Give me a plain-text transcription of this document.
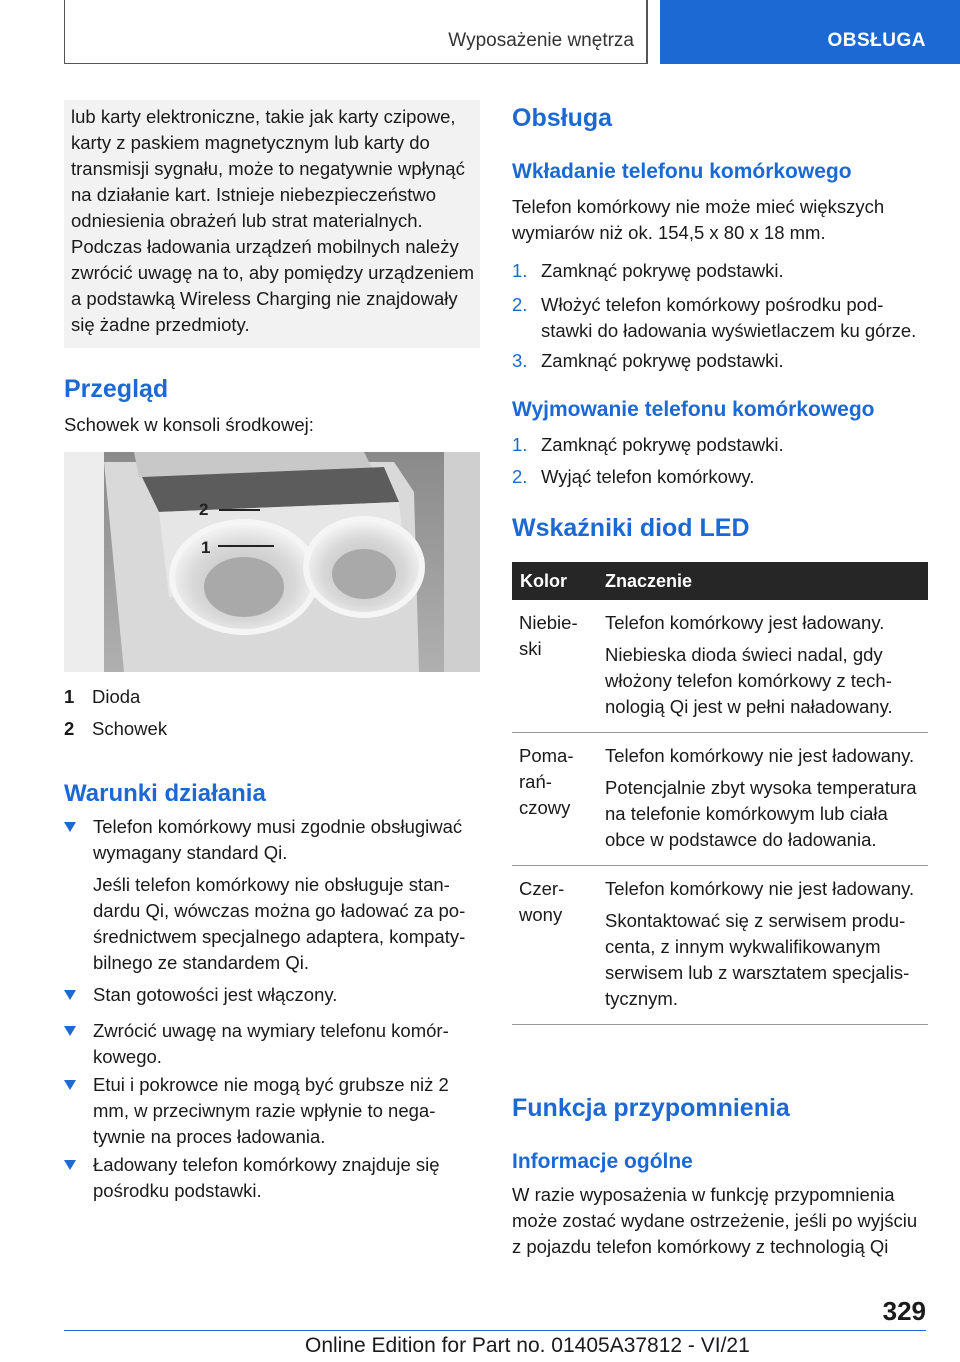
Wyposażenie wnętrza	OBSŁUGA

lub karty elektroniczne, takie jak karty czipowe, karty z paskiem magnetycznym lub karty do transmisji sygnału, może to negatywnie wpłynąć na działanie kart. Istnieje niebezpieczeństwo odniesienia obrażeń lub strat materialnych. Podczas ładowania urządzeń mobilnych należy zwrócić uwagę na to, aby pomiędzy urządzeniem a podstawką Wireless Charging nie znajdowały się żadne przedmioty.

Przegląd

Schowek w konsoli środkowej:

2
1
1 Dioda
2 Schowek
Warunki działania
Telefon komórkowy musi zgodnie obsługiwać wymagany standard Qi.
Jeśli telefon komórkowy nie obsługuje standardu Qi, wówczas można go ładować za pośrednictwem specjalnego adaptera, kompatybilnego ze standardem Qi.
Stan gotowości jest włączony.
Zwrócić uwagę na wymiary telefonu komórkowego.
Etui i pokrowce nie mogą być grubsze niż 2 mm, w przeciwnym razie wpłynie to negatywnie na proces ładowania.
Ładowany telefon komórkowy znajduje się pośrodku podstawki.
Obsługa
Wkładanie telefonu komórkowego

Telefon komórkowy nie może mieć większych wymiarów niż ok. 154,5 x 80 x 18 mm.

1. Zamknąć pokrywę podstawki.
2. Włożyć telefon komórkowy pośrodku podstawki do ładowania wyświetlaczem ku górze.
3. Zamknąć pokrywę podstawki.
Wyjmowanie telefonu komórkowego
1. Zamknąć pokrywę podstawki.
2. Wyjąć telefon komórkowy.
Wskaźniki diod LED
Kolor Znaczenie
Niebieski
Telefon komórkowy jest ładowany.
Niebieska dioda świeci nadal, gdy włożony telefon komórkowy z technologią Qi jest w pełni naładowany.
Pomarańczowy
Telefon komórkowy nie jest ładowany.
Potencjalnie zbyt wysoka temperatura na telefonie komórkowym lub ciała obce w podstawce do ładowania.
Czerwony
Telefon komórkowy nie jest ładowany.
Skontaktować się z serwisem producenta, z innym wykwalifikowanym serwisem lub z warsztatem specjalistycznym.
Funkcja przypomnienia
Informacje ogólne

W razie wyposażenia w funkcję przypomnienia może zostać wydane ostrzeżenie, jeśli po wyjściu z pojazdu telefon komórkowy z technologią Qi

329
Online Edition for Part no. 01405A37812 - VI/21
